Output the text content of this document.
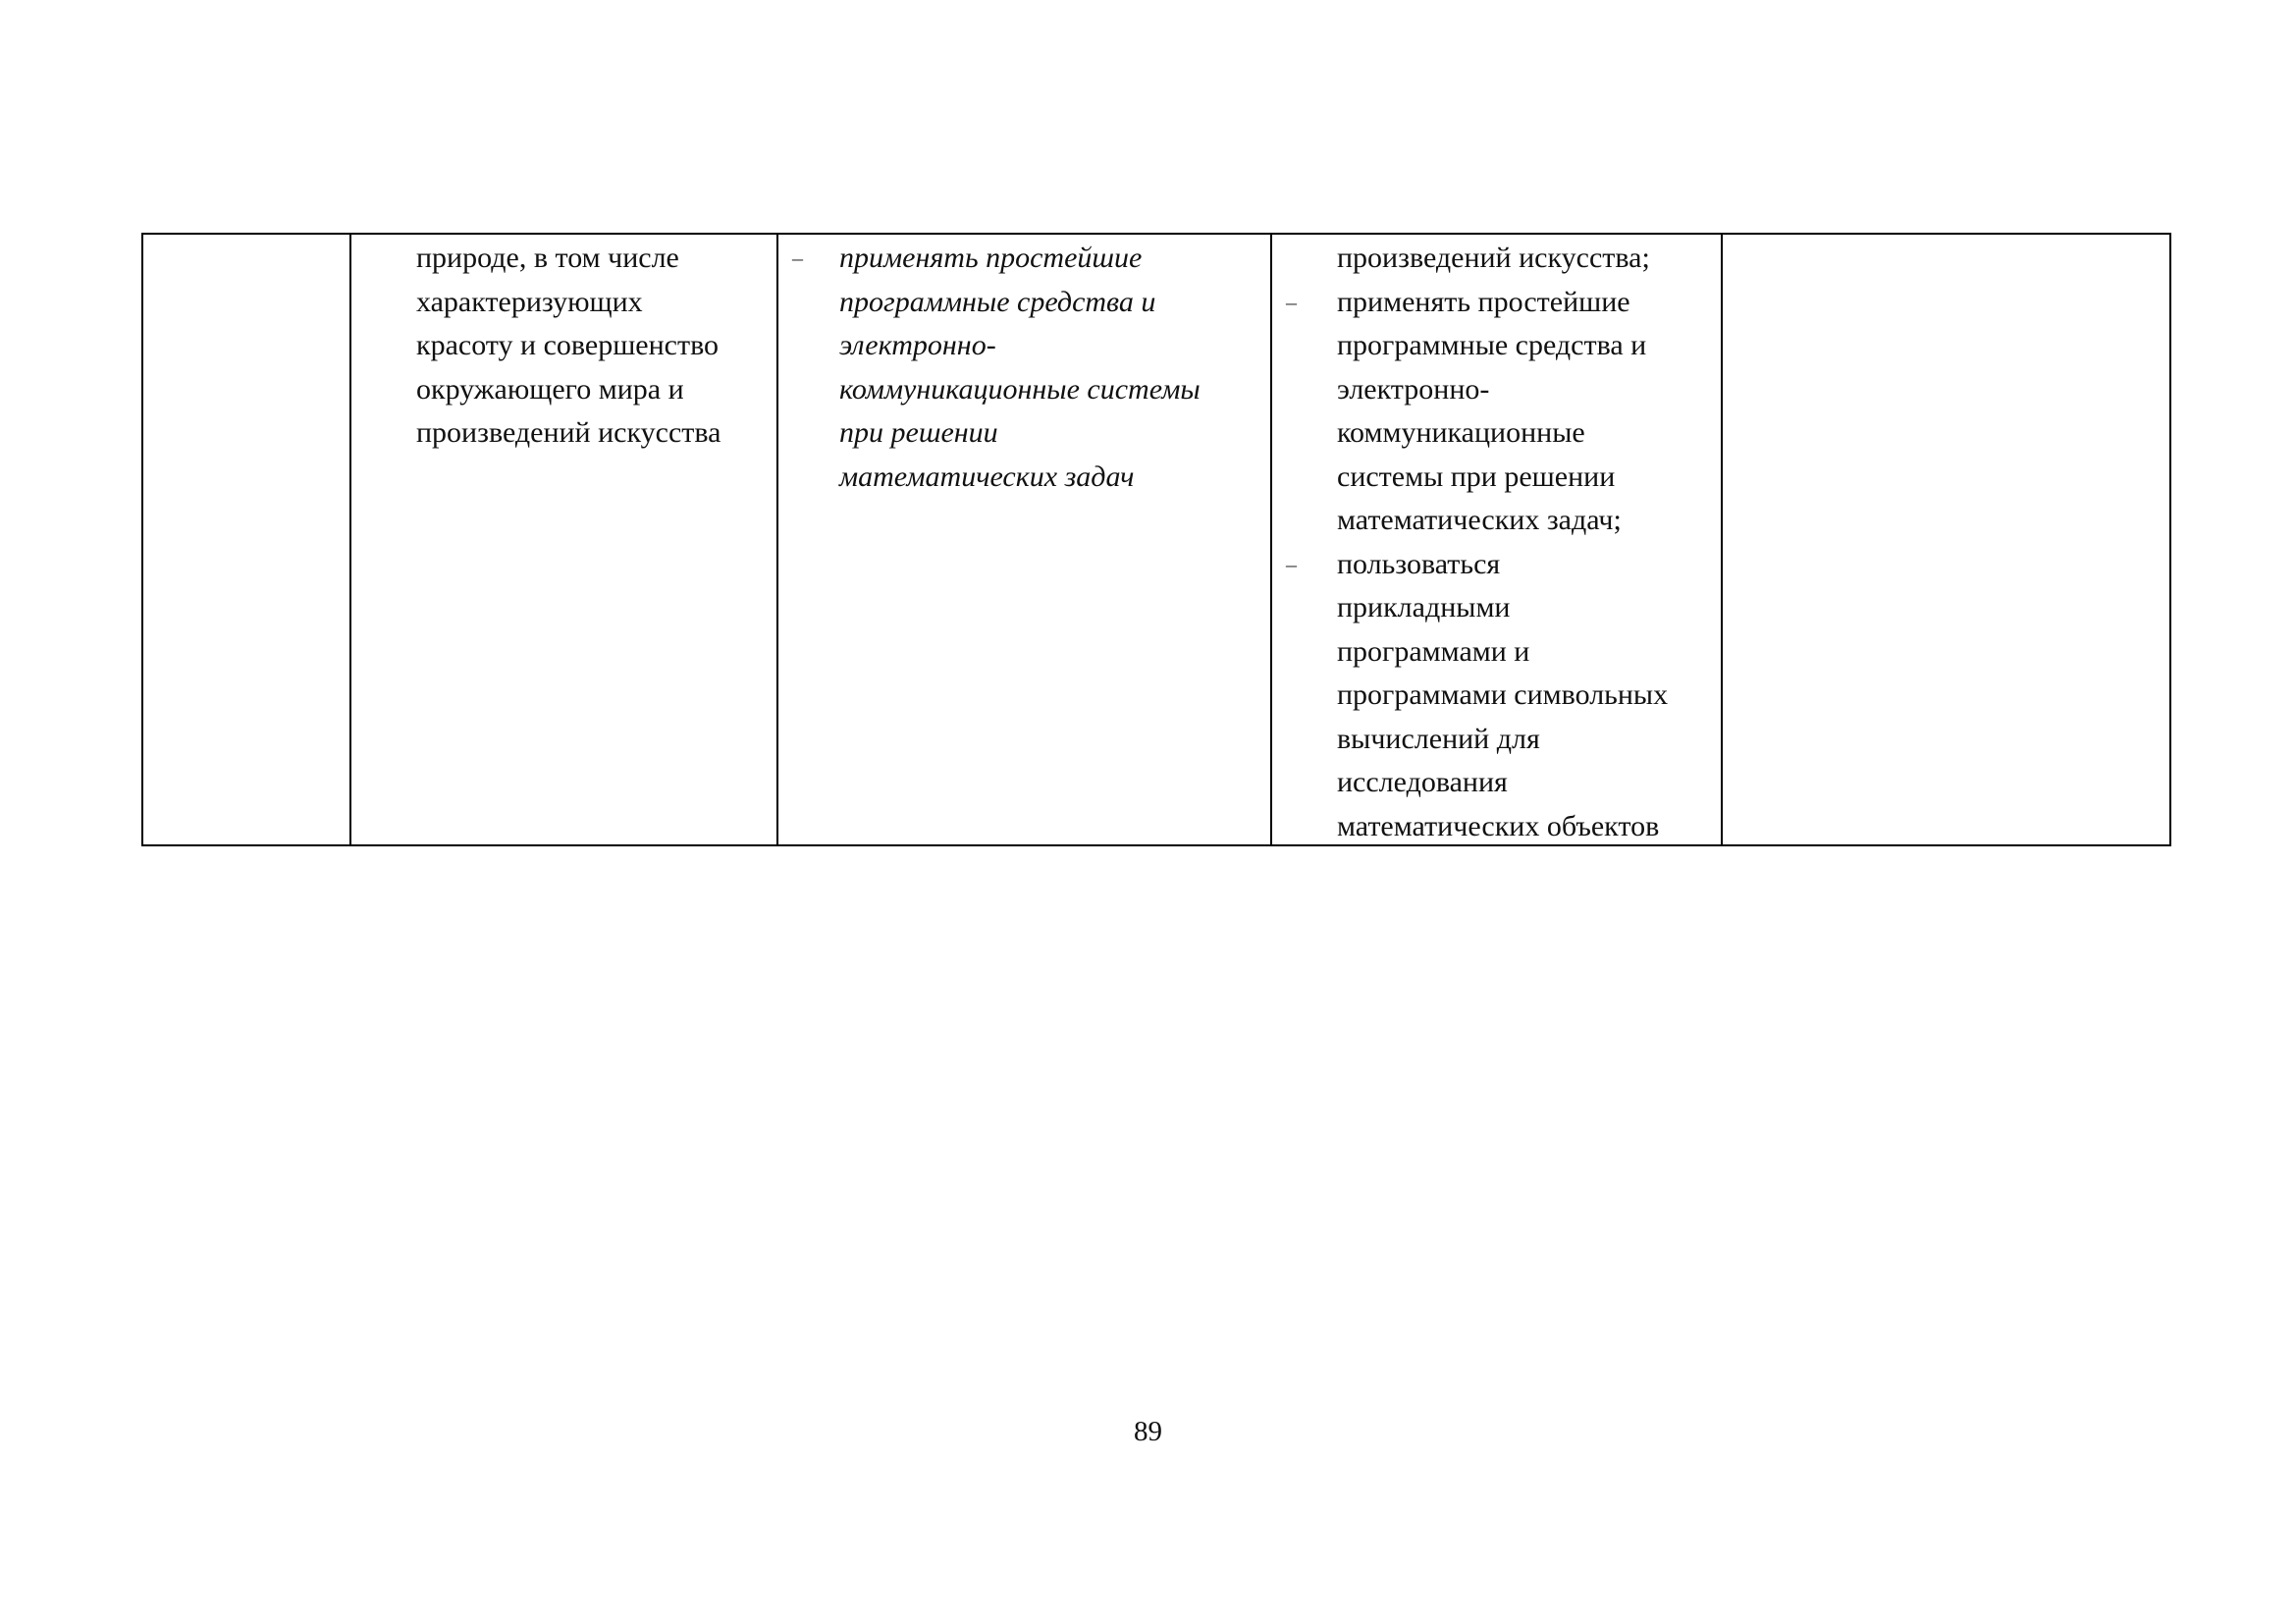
природе, в том числе
характеризующих
красоту и совершенство
окружающего мира и
произведений искусства
– применять простейшие
программные средства и
электронно-
коммуникационные системы
при решении
математических задач
–
–
произведений искусства;
применять простейшие
программные средства и
электронно-
коммуникационные
системы при решении
математических задач;
пользоваться
прикладными
программами и
программами символьных
вычислений для
исследования
математических объектов
89
